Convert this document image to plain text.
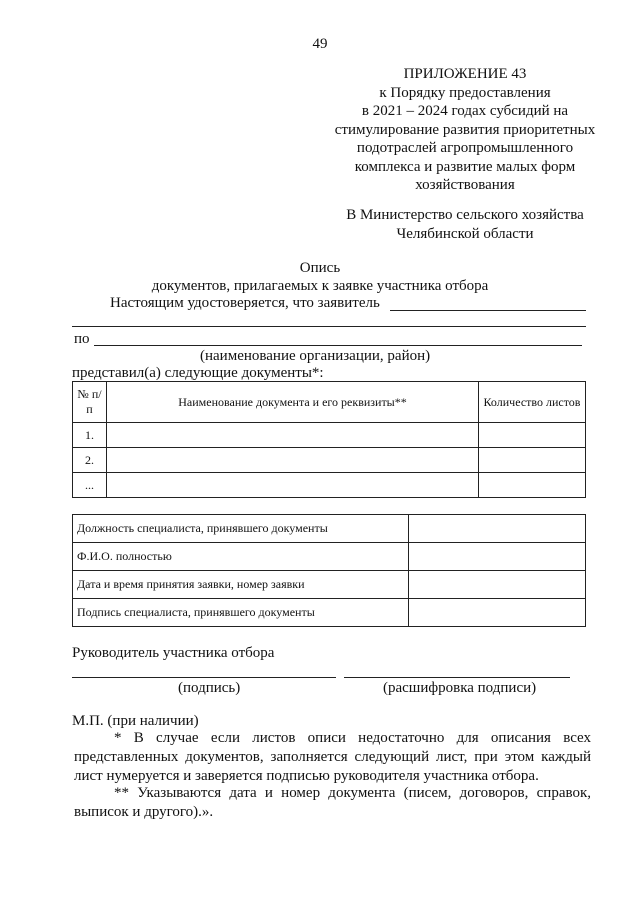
49
ПРИЛОЖЕНИЕ 43
к Порядку предоставления
в 2021 – 2024 годах субсидий на
стимулирование развития приоритетных
подотраслей агропромышленного
комплекса и развитие малых форм
хозяйствования
В Министерство сельского хозяйства
Челябинской области
Опись
документов, прилагаемых к заявке участника отбора
Настоящим удостоверяется, что заявитель
по
(наименование организации, район)
представил(а) следующие документы*:
№ п/п	Наименование документа и его реквизиты**	Количество листов
1.		
2.		
...		
Должность специалиста, принявшего документы	
Ф.И.О. полностью	
Дата и время принятия заявки, номер заявки	
Подпись специалиста, принявшего документы	
Руководитель участника отбора
(подпись)	(расшифровка подписи)
М.П. (при наличии)
* В случае если листов описи недостаточно для описания всех представленных документов, заполняется следующий лист, при этом каждый лист нумеруется и заверяется подписью руководителя участника отбора.
** Указываются дата и номер документа (писем, договоров, справок, выписок и другого).».
